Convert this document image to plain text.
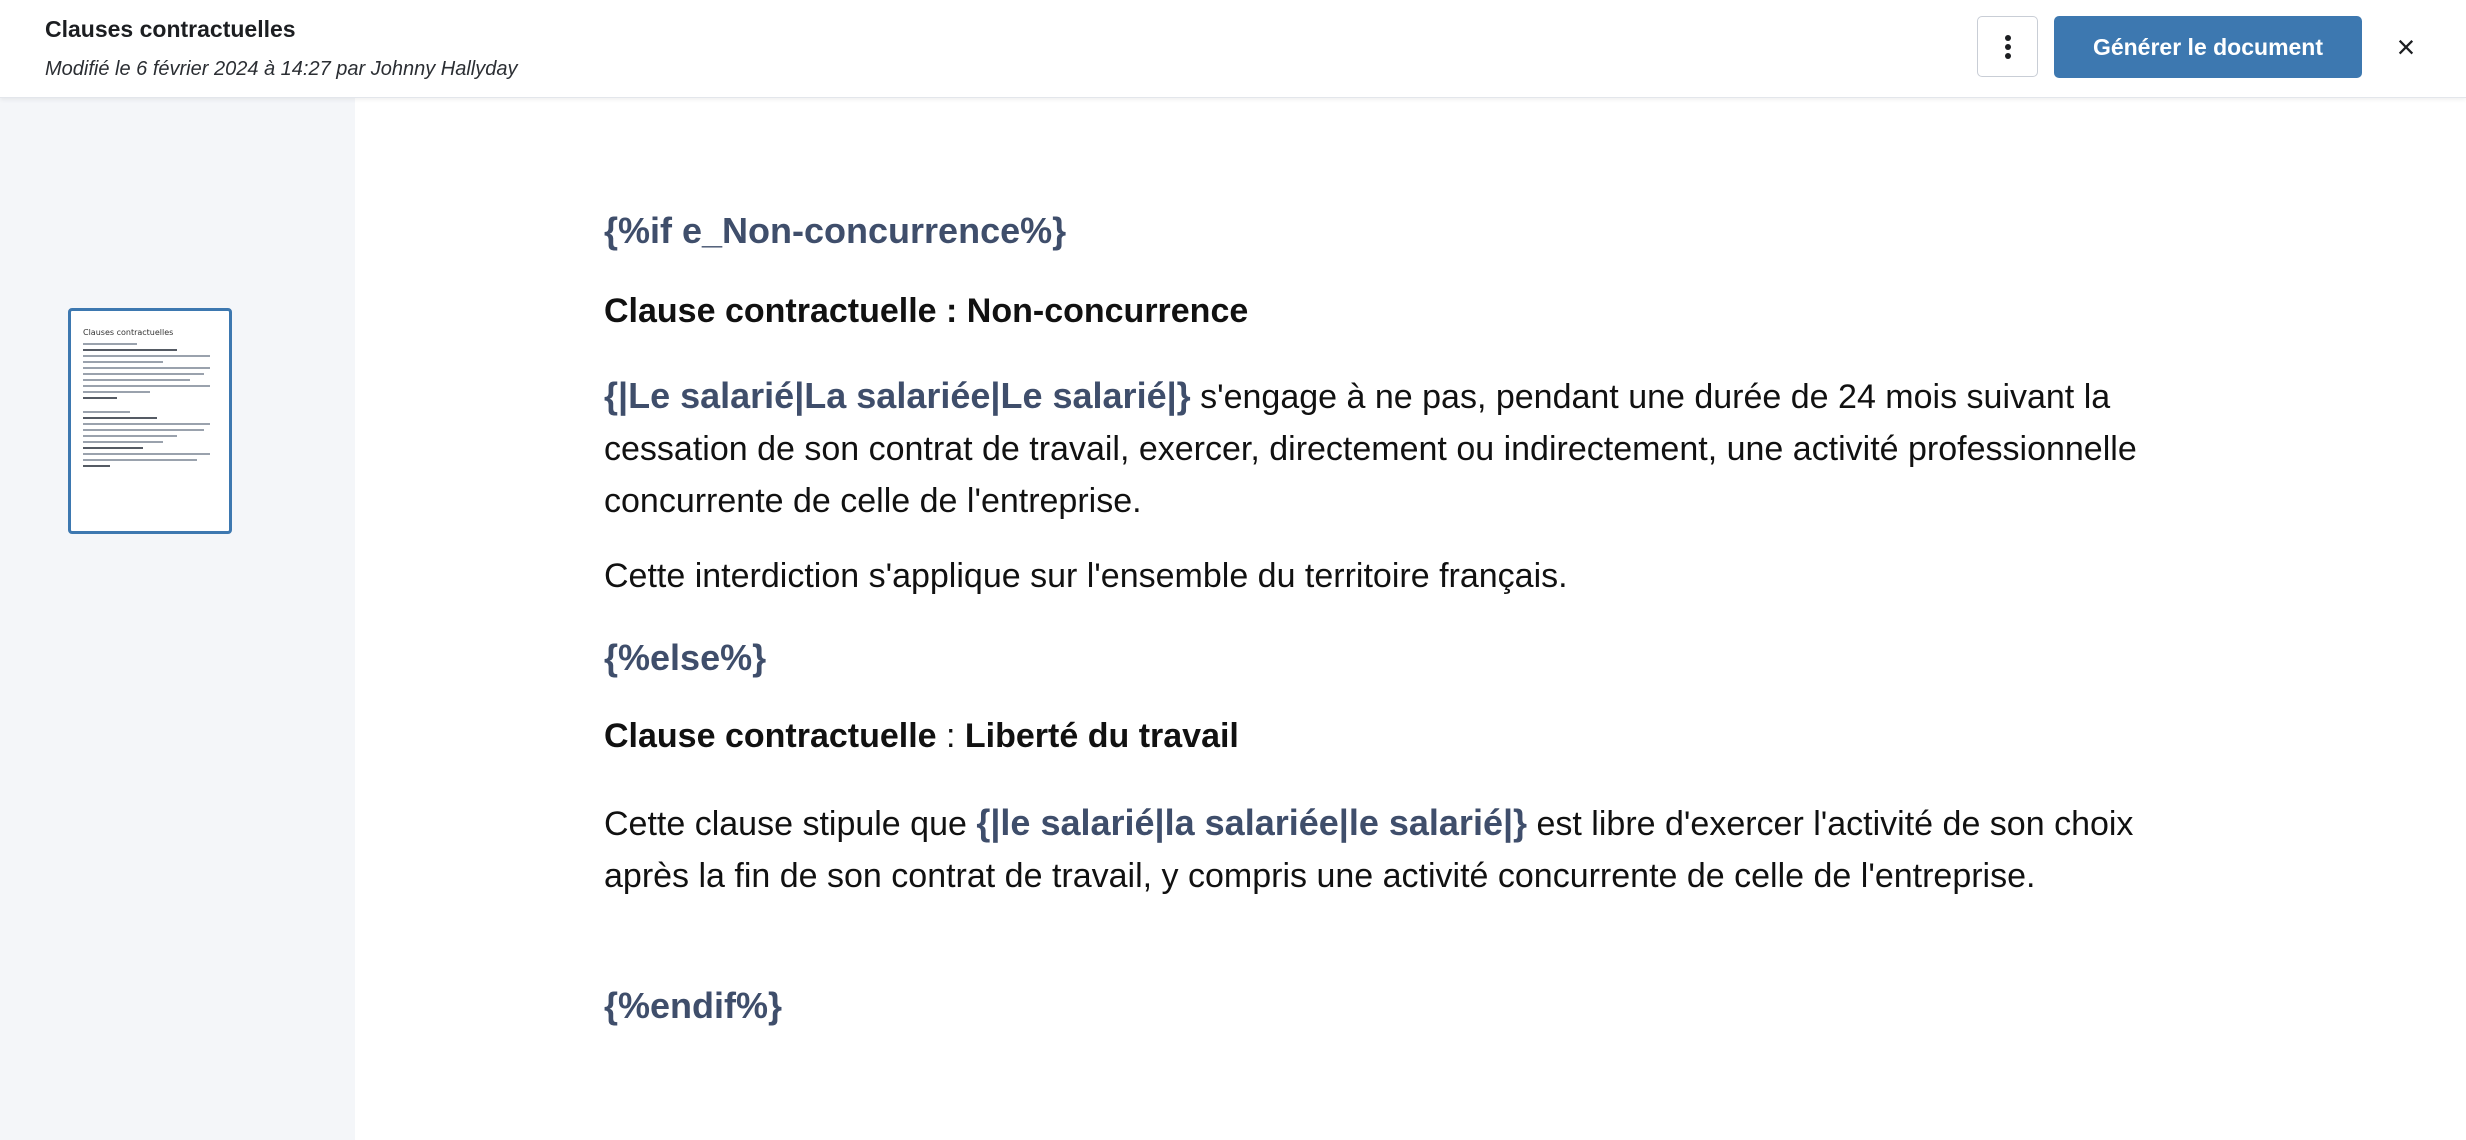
Clauses contractuelles
Modifié le 6 février 2024 à 14:27 par Johnny Hallyday
Générer le document	×
Clauses contractuelles

{%if e_Non-concurrence%}

Clause contractuelle : Non-concurrence

{|Le salarié|La salariée|Le salarié|} s'engage à ne pas, pendant une durée de 24 mois suivant la cessation de son contrat de travail, exercer, directement ou indirectement, une activité professionnelle concurrente de celle de l'entreprise.

Cette interdiction s'applique sur l'ensemble du territoire français.

{%else%}

Clause contractuelle : Liberté du travail

Cette clause stipule que {|le salarié|la salariée|le salarié|} est libre d'exercer l'activité de son choix après la fin de son contrat de travail, y compris une activité concurrente de celle de l'entreprise.

{%endif%}
